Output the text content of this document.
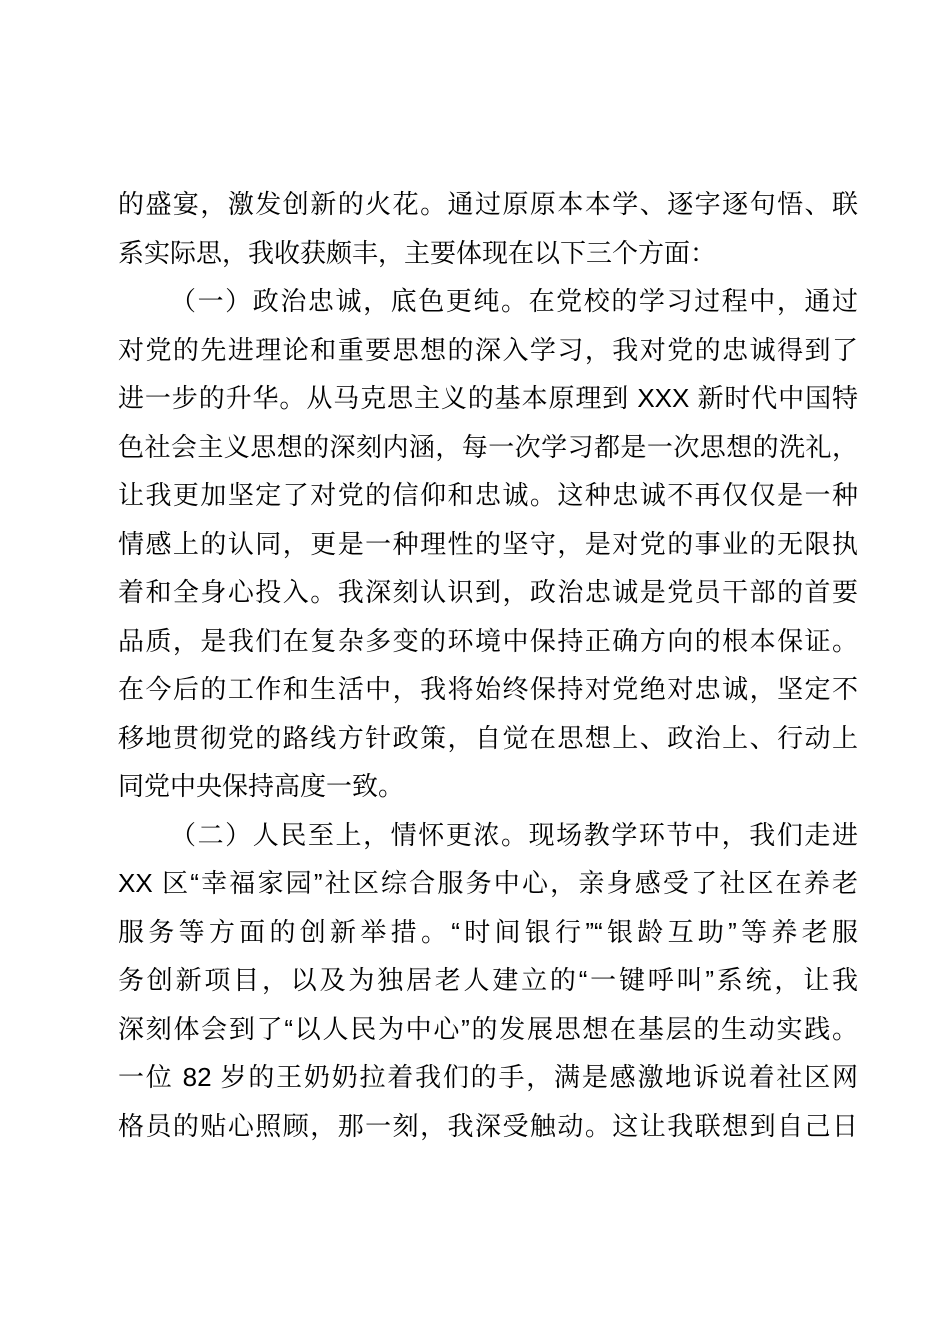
的盛宴，激发创新的火花。通过原原本本学、逐字逐句悟、联
系实际思，我收获颇丰，主要体现在以下三个方面：
（一）政治忠诚，底色更纯。在党校的学习过程中，通过
对党的先进理论和重要思想的深入学习，我对党的忠诚得到了
进一步的升华。从马克思主义的基本原理到 XXX 新时代中国特
色社会主义思想的深刻内涵，每一次学习都是一次思想的洗礼，
让我更加坚定了对党的信仰和忠诚。这种忠诚不再仅仅是一种
情感上的认同，更是一种理性的坚守，是对党的事业的无限执
着和全身心投入。我深刻认识到，政治忠诚是党员干部的首要
品质，是我们在复杂多变的环境中保持正确方向的根本保证。
在今后的工作和生活中，我将始终保持对党绝对忠诚，坚定不
移地贯彻党的路线方针政策，自觉在思想上、政治上、行动上
同党中央保持高度一致。
（二）人民至上，情怀更浓。现场教学环节中，我们走进
XX 区“幸福家园”社区综合服务中心，亲身感受了社区在养老
服务等方面的创新举措。“时间银行”“银龄互助”等养老服
务创新项目，以及为独居老人建立的“一键呼叫”系统，让我
深刻体会到了“以人民为中心”的发展思想在基层的生动实践。
一位 82 岁的王奶奶拉着我们的手，满是感激地诉说着社区网
格员的贴心照顾，那一刻，我深受触动。这让我联想到自己日
